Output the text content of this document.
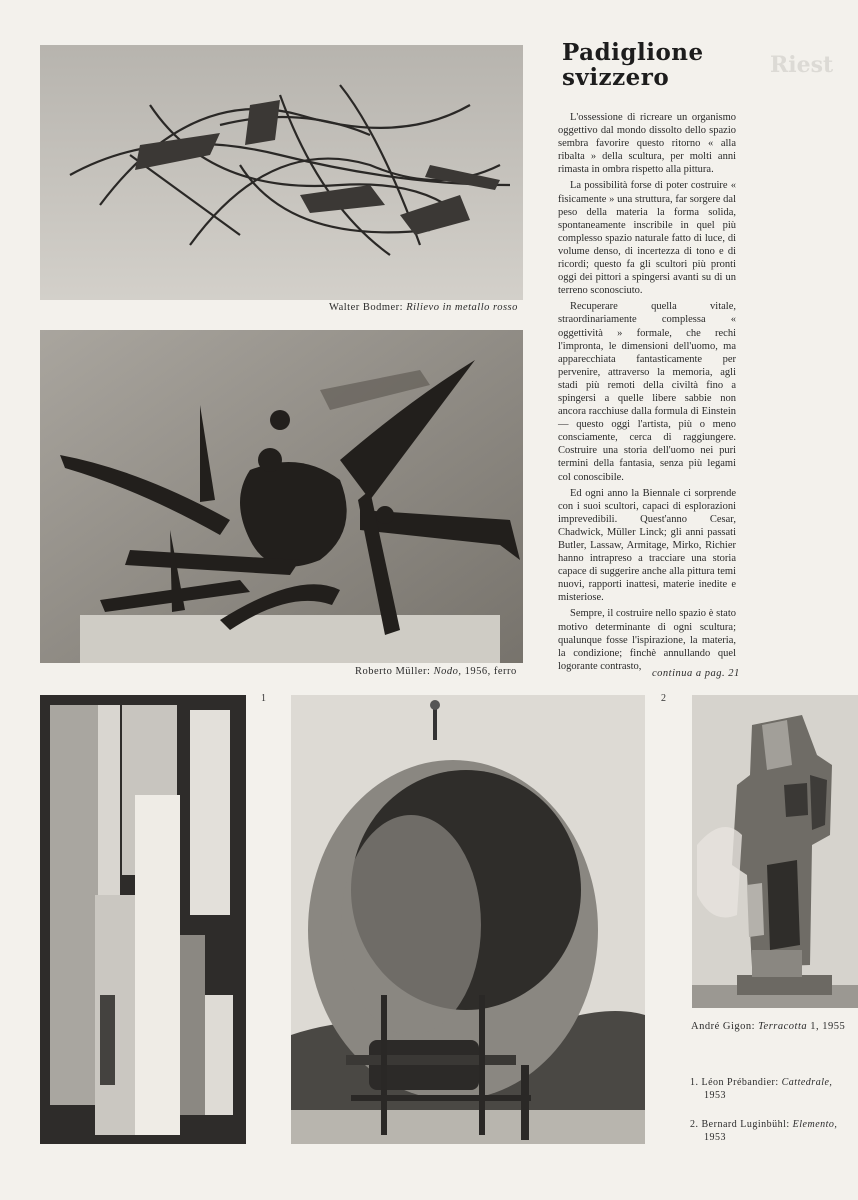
Padiglione
svizzero	Riest
Walter Bodmer: Rilievo in metallo rosso
Roberto Müller: Nodo, 1956, ferro

L'ossessione di ricreare un organismo oggettivo dal mondo dissolto dello spazio sembra favorire questo ritorno « alla ribalta » della scultura, per molti anni rimasta in ombra rispetto alla pittura.

La possibilità forse di poter costruire « fisicamente » una struttura, far sorgere dal peso della materia la forma solida, spontaneamente inscribile in quel più complesso spazio naturale fatto di luce, di volume denso, di incertezza di tono e di ricordi; questo fa gli scultori più pronti oggi dei pittori a spingersi avanti su di un terreno sconosciuto.

Recuperare quella vitale, straordinariamente complessa « oggettività » formale, che rechi l'impronta, le dimensioni dell'uomo, ma apparecchiata fantasticamente per pervenire, attraverso la memoria, agli stadi più remoti della civiltà fino a spingersi a quelle libere sabbie non ancora racchiuse dalla formula di Einstein — questo oggi l'artista, più o meno consciamente, cerca di raggiungere. Costruire una storia dell'uomo nei puri termini della fantasia, senza più legami col conoscibile.

Ed ogni anno la Biennale ci sorprende con i suoi scultori, capaci di esplorazioni imprevedibili. Quest'anno Cesar, Chadwick, Müller Linck; gli anni passati Butler, Lassaw, Armitage, Mirko, Richier hanno intrapreso a tracciare una storia capace di suggerire anche alla pittura temi nuovi, rapporti inattesi, materie inedite e misteriose.

Sempre, il costruire nello spazio è stato motivo determinante di ogni scultura; qualunque fosse l'ispirazione, la materia, la condizione; finchè annullando quel logorante contrasto,

continua a pag. 21
1	2
André Gigon: Terracotta 1, 1955
1. Léon Prébandier: Cattedrale,
1953
2. Bernard Luginbühl: Elemento,
1953
